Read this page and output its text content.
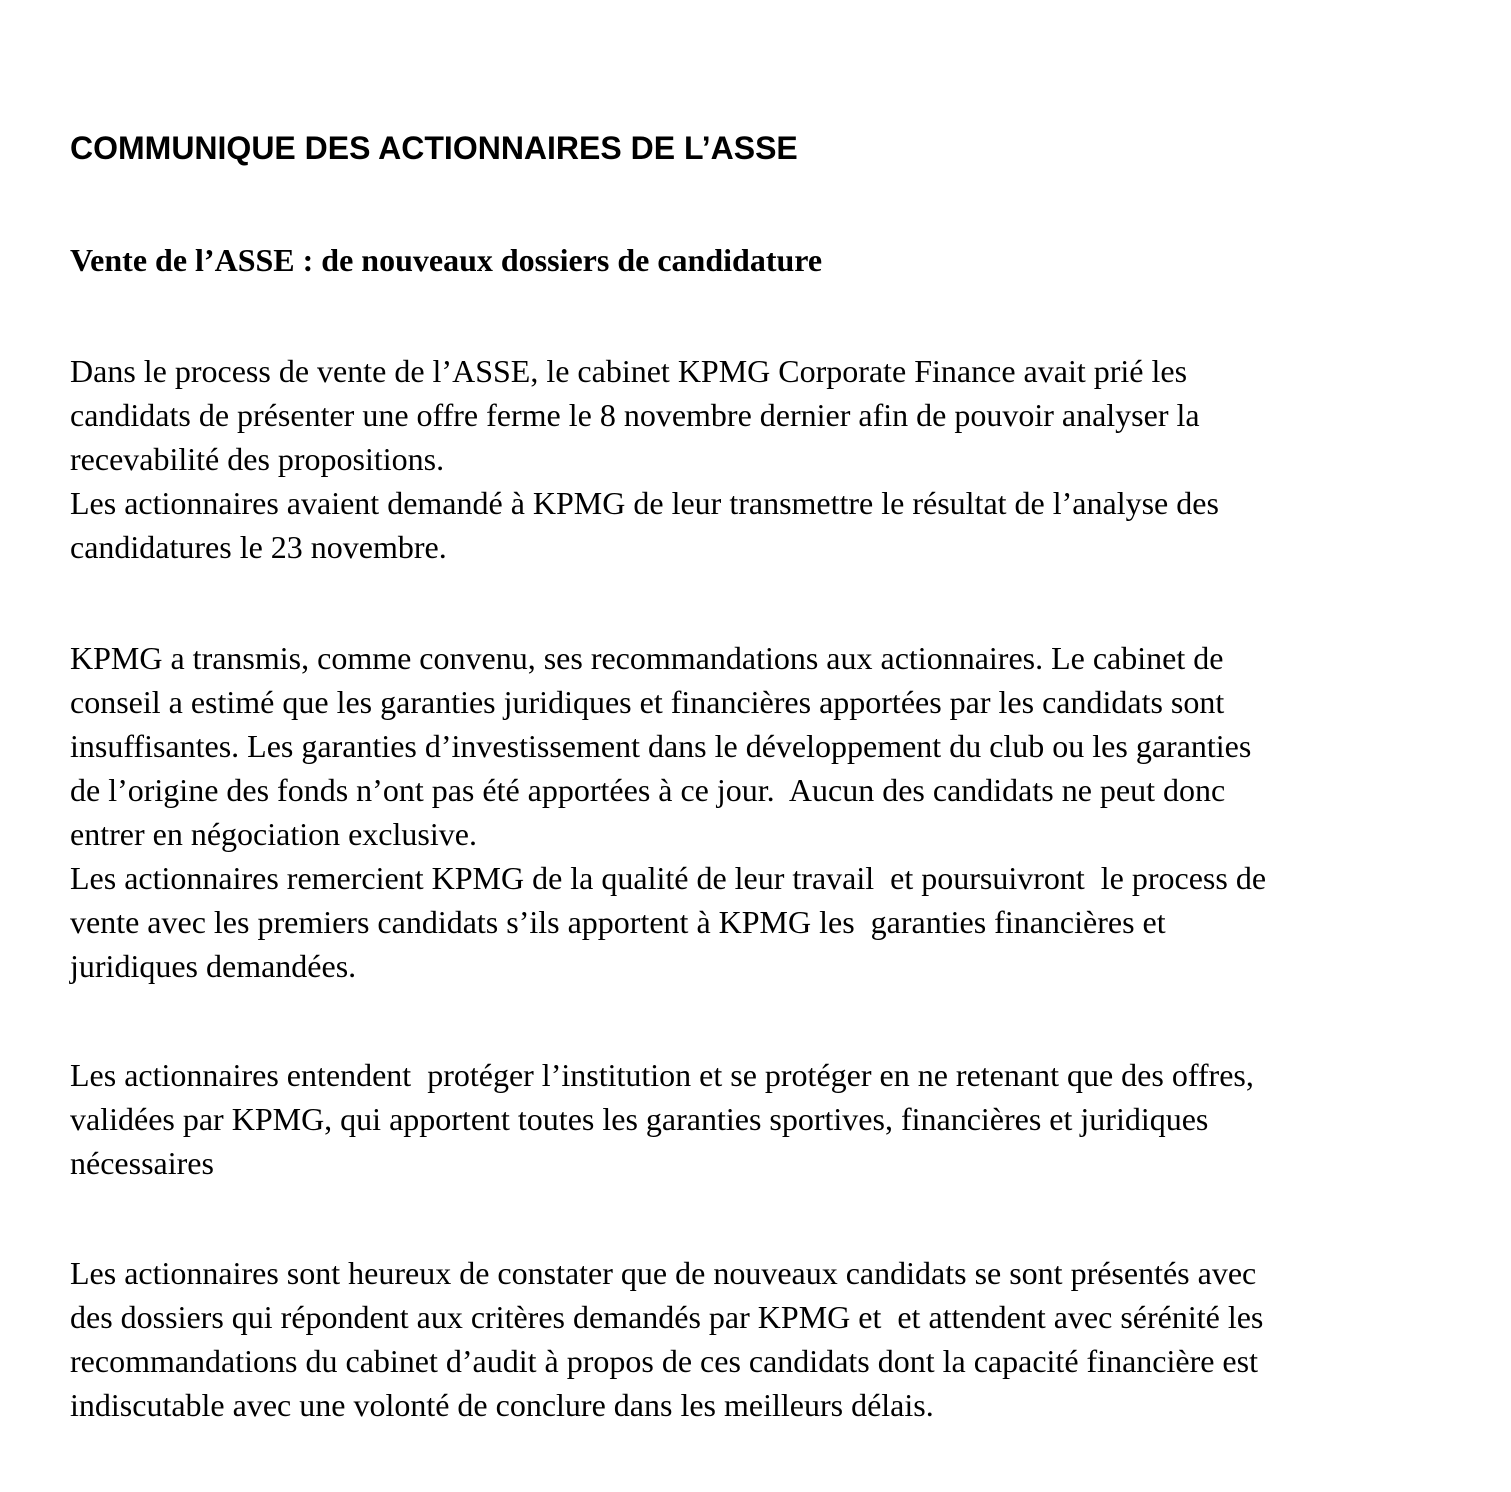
COMMUNIQUE DES ACTIONNAIRES DE L’ASSE
Vente de l’ASSE : de nouveaux dossiers de candidature

Dans le process de vente de l’ASSE, le cabinet KPMG Corporate Finance avait prié les
candidats de présenter une offre ferme le 8 novembre dernier afin de pouvoir analyser la
recevabilité des propositions.
Les actionnaires avaient demandé à KPMG de leur transmettre le résultat de l’analyse des
candidatures le 23 novembre.

KPMG a transmis, comme convenu, ses recommandations aux actionnaires. Le cabinet de
conseil a estimé que les garanties juridiques et financières apportées par les candidats sont
insuffisantes. Les garanties d’investissement dans le développement du club ou les garanties
de l’origine des fonds n’ont pas été apportées à ce jour.  Aucun des candidats ne peut donc
entrer en négociation exclusive.
Les actionnaires remercient KPMG de la qualité de leur travail  et poursuivront  le process de
vente avec les premiers candidats s’ils apportent à KPMG les  garanties financières et
juridiques demandées.

Les actionnaires entendent  protéger l’institution et se protéger en ne retenant que des offres,
validées par KPMG, qui apportent toutes les garanties sportives, financières et juridiques
nécessaires

Les actionnaires sont heureux de constater que de nouveaux candidats se sont présentés avec
des dossiers qui répondent aux critères demandés par KPMG et  et attendent avec sérénité les
recommandations du cabinet d’audit à propos de ces candidats dont la capacité financière est
indiscutable avec une volonté de conclure dans les meilleurs délais.
